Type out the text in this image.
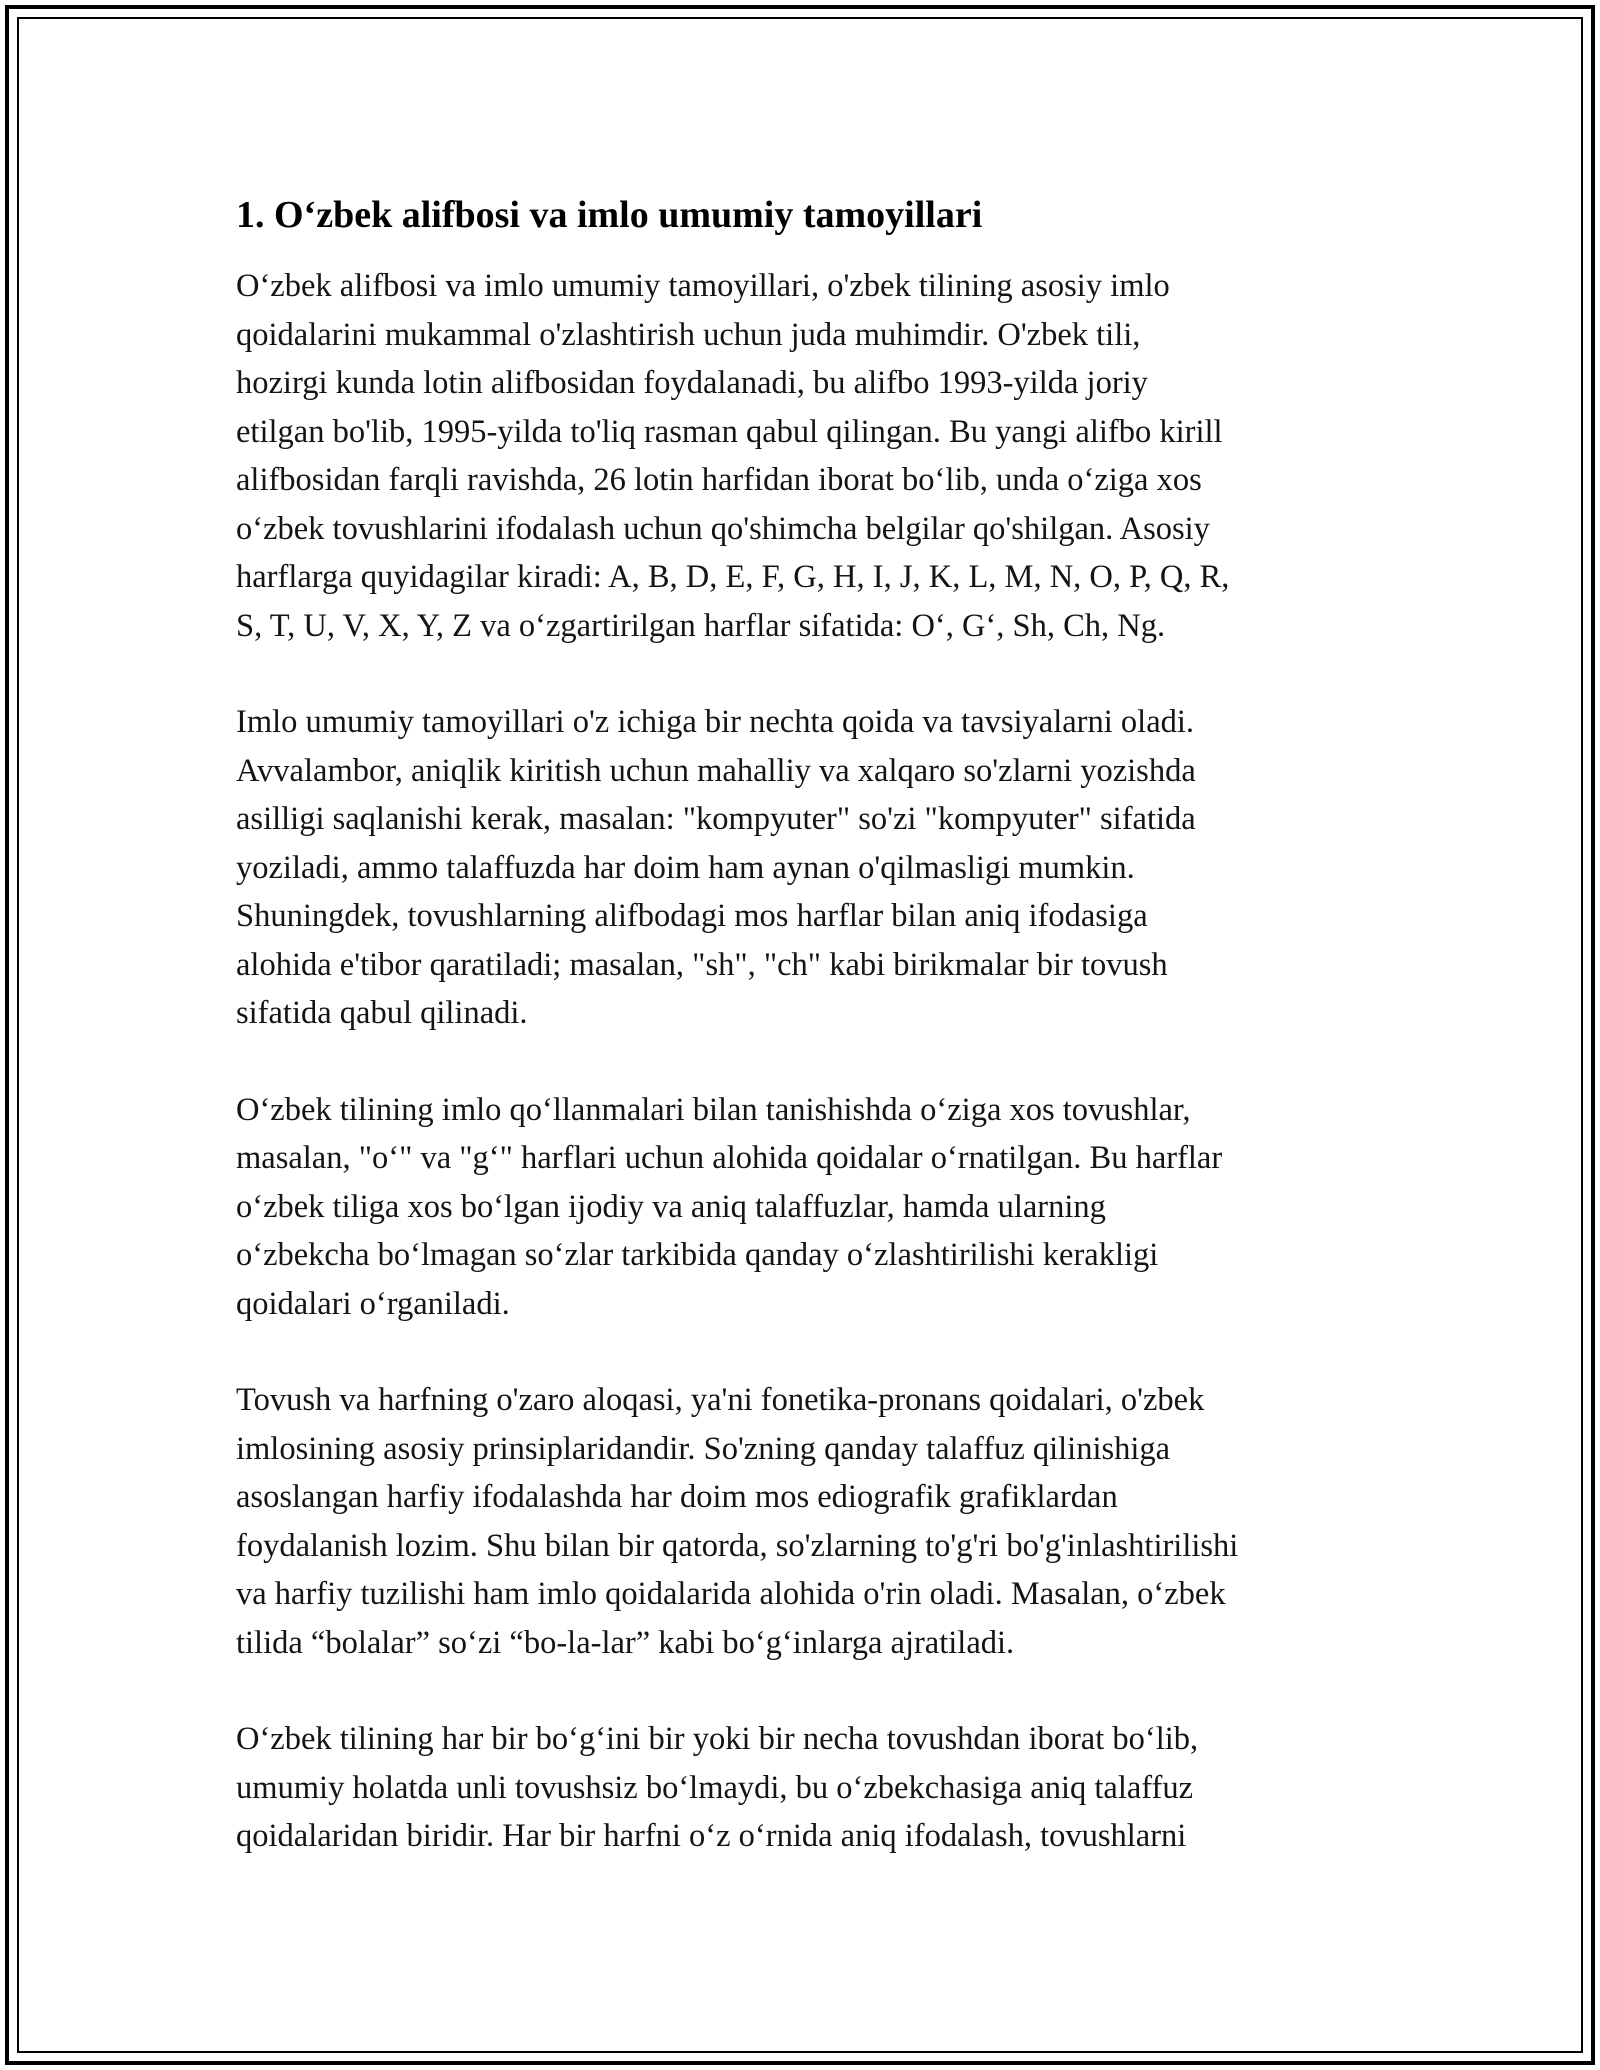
1. O‘zbek alifbosi va imlo umumiy tamoyillari

O‘zbek alifbosi va imlo umumiy tamoyillari, o'zbek tilining asosiy imlo
qoidalarini mukammal o'zlashtirish uchun juda muhimdir. O'zbek tili,
hozirgi kunda lotin alifbosidan foydalanadi, bu alifbo 1993-yilda joriy
etilgan bo'lib, 1995-yilda to'liq rasman qabul qilingan. Bu yangi alifbo kirill
alifbosidan farqli ravishda, 26 lotin harfidan iborat bo‘lib, unda o‘ziga xos
o‘zbek tovushlarini ifodalash uchun qo'shimcha belgilar qo'shilgan. Asosiy
harflarga quyidagilar kiradi: A, B, D, E, F, G, H, I, J, K, L, M, N, O, P, Q, R,
S, T, U, V, X, Y, Z va o‘zgartirilgan harflar sifatida: O‘, G‘, Sh, Ch, Ng.

Imlo umumiy tamoyillari o'z ichiga bir nechta qoida va tavsiyalarni oladi.
Avvalambor, aniqlik kiritish uchun mahalliy va xalqaro so'zlarni yozishda
asilligi saqlanishi kerak, masalan: "kompyuter" so'zi "kompyuter" sifatida
yoziladi, ammo talaffuzda har doim ham aynan o'qilmasligi mumkin.
Shuningdek, tovushlarning alifbodagi mos harflar bilan aniq ifodasiga
alohida e'tibor qaratiladi; masalan, "sh", "ch" kabi birikmalar bir tovush
sifatida qabul qilinadi.

O‘zbek tilining imlo qo‘llanmalari bilan tanishishda o‘ziga xos tovushlar,
masalan, "o‘" va "g‘" harflari uchun alohida qoidalar o‘rnatilgan. Bu harflar
o‘zbek tiliga xos bo‘lgan ijodiy va aniq talaffuzlar, hamda ularning
o‘zbekcha bo‘lmagan so‘zlar tarkibida qanday o‘zlashtirilishi kerakligi
qoidalari o‘rganiladi.

Tovush va harfning o'zaro aloqasi, ya'ni fonetika-pronans qoidalari, o'zbek
imlosining asosiy prinsiplaridandir. So'zning qanday talaffuz qilinishiga
asoslangan harfiy ifodalashda har doim mos ediografik grafiklardan
foydalanish lozim. Shu bilan bir qatorda, so'zlarning to'g'ri bo'g'inlashtirilishi
va harfiy tuzilishi ham imlo qoidalarida alohida o'rin oladi. Masalan, o‘zbek
tilida “bolalar” so‘zi “bo-la-lar” kabi bo‘g‘inlarga ajratiladi.

O‘zbek tilining har bir bo‘g‘ini bir yoki bir necha tovushdan iborat bo‘lib,
umumiy holatda unli tovushsiz bo‘lmaydi, bu o‘zbekchasiga aniq talaffuz
qoidalaridan biridir. Har bir harfni o‘z o‘rnida aniq ifodalash, tovushlarni
